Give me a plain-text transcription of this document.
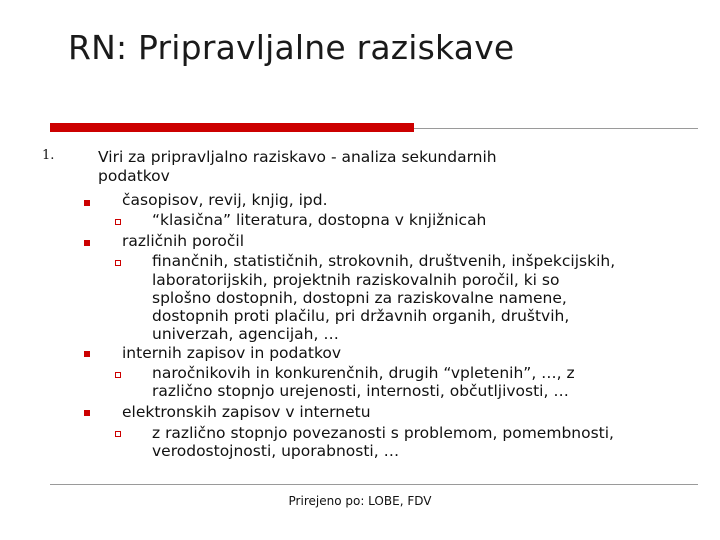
RN: Pripravljalne raziskave
1.	Viri za pripravljalno raziskavo - analiza sekundarnih
podatkov
časopisov, revij, knjig, ipd.
“klasična” literatura, dostopna v knjižnicah
različnih poročil
finančnih, statističnih, strokovnih, društvenih, inšpekcijskih,
laboratorijskih, projektnih raziskovalnih poročil, ki so
splošno dostopnih, dostopni za raziskovalne namene,
dostopnih proti plačilu, pri državnih organih, društvih,
univerzah, agencijah, …
internih zapisov in podatkov
naročnikovih in konkurenčnih, drugih “vpletenih”, …, z
različno stopnjo urejenosti, internosti, občutljivosti, …
elektronskih zapisov v internetu
z različno stopnjo povezanosti s problemom, pomembnosti,
verodostojnosti, uporabnosti, …
Prirejeno po: LOBE, FDV
